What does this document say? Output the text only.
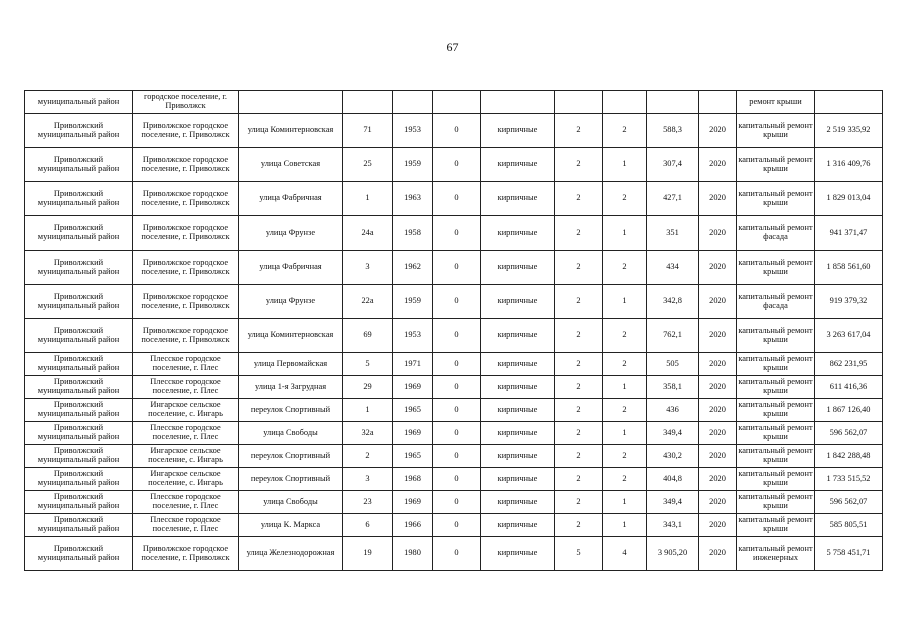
67
муниципальный район	городское поселение, г. Приволжск										ремонт крыши	
Приволжский муниципальный район	Приволжское городское поселение, г. Приволжск	улица Коминтерновская	71	1953	0	кирпичные	2	2	588,3	2020	капитальный ремонт крыши	2 519 335,92
Приволжский муниципальный район	Приволжское городское поселение, г. Приволжск	улица Советская	25	1959	0	кирпичные	2	1	307,4	2020	капитальный ремонт крыши	1 316 409,76
Приволжский муниципальный район	Приволжское городское поселение, г. Приволжск	улица Фабричная	1	1963	0	кирпичные	2	2	427,1	2020	капитальный ремонт крыши	1 829 013,04
Приволжский муниципальный район	Приволжское городское поселение, г. Приволжск	улица Фрунзе	24а	1958	0	кирпичные	2	1	351	2020	капитальный ремонт фасада	941 371,47
Приволжский муниципальный район	Приволжское городское поселение, г. Приволжск	улица Фабричная	3	1962	0	кирпичные	2	2	434	2020	капитальный ремонт крыши	1 858 561,60
Приволжский муниципальный район	Приволжское городское поселение, г. Приволжск	улица Фрунзе	22а	1959	0	кирпичные	2	1	342,8	2020	капитальный ремонт фасада	919 379,32
Приволжский муниципальный район	Приволжское городское поселение, г. Приволжск	улица Коминтерновская	69	1953	0	кирпичные	2	2	762,1	2020	капитальный ремонт крыши	3 263 617,04
Приволжский муниципальный район	Плесское городское поселение, г. Плес	улица Первомайская	5	1971	0	кирпичные	2	2	505	2020	капитальный ремонт крыши	862 231,95
Приволжский муниципальный район	Плесское городское поселение, г. Плес	улица 1-я Загрудная	29	1969	0	кирпичные	2	1	358,1	2020	капитальный ремонт крыши	611 416,36
Приволжский муниципальный район	Ингарское сельское поселение, с. Ингарь	переулок Спортивный	1	1965	0	кирпичные	2	2	436	2020	капитальный ремонт крыши	1 867 126,40
Приволжский муниципальный район	Плесское городское поселение, г. Плес	улица Свободы	32а	1969	0	кирпичные	2	1	349,4	2020	капитальный ремонт крыши	596 562,07
Приволжский муниципальный район	Ингарское сельское поселение, с. Ингарь	переулок Спортивный	2	1965	0	кирпичные	2	2	430,2	2020	капитальный ремонт крыши	1 842 288,48
Приволжский муниципальный район	Ингарское сельское поселение, с. Ингарь	переулок Спортивный	3	1968	0	кирпичные	2	2	404,8	2020	капитальный ремонт крыши	1 733 515,52
Приволжский муниципальный район	Плесское городское поселение, г. Плес	улица Свободы	23	1969	0	кирпичные	2	1	349,4	2020	капитальный ремонт крыши	596 562,07
Приволжский муниципальный район	Плесское городское поселение, г. Плес	улица К. Маркса	6	1966	0	кирпичные	2	1	343,1	2020	капитальный ремонт крыши	585 805,51
Приволжский муниципальный район	Приволжское городское поселение, г. Приволжск	улица Железнодорожная	19	1980	0	кирпичные	5	4	3 905,20	2020	капитальный ремонт инженерных	5 758 451,71
